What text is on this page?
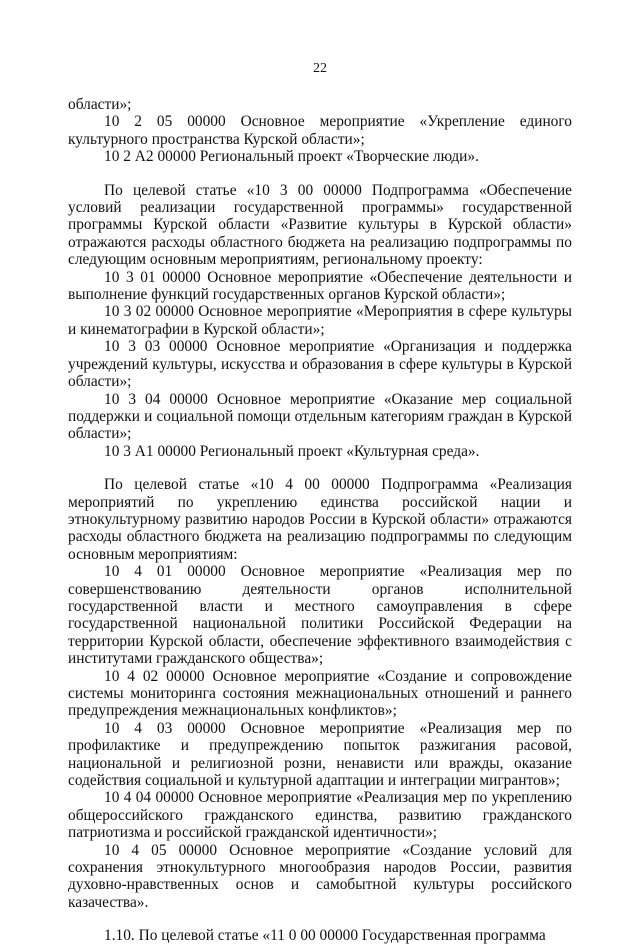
22

области»;

10 2 05 00000 Основное мероприятие «Укрепление единого культурного пространства Курской области»;

10 2 А2 00000 Региональный проект «Творческие люди».

По целевой статье «10 3 00 00000 Подпрограмма «Обеспечение условий реализации государственной программы» государственной программы Курской области «Развитие культуры в Курской области» отражаются расходы областного бюджета на реализацию подпрограммы по следующим основным мероприятиям, региональному проекту:

10 3 01 00000 Основное мероприятие «Обеспечение деятельности и выполнение функций государственных органов Курской области»;

10 3 02 00000 Основное мероприятие «Мероприятия в сфере культуры и кинематографии в Курской области»;

10 3 03 00000 Основное мероприятие «Организация и поддержка учреждений культуры, искусства и образования в сфере культуры в Курской области»;

10 3 04 00000 Основное мероприятие «Оказание мер социальной поддержки и социальной помощи отдельным категориям граждан в Курской области»;

10 3 А1 00000 Региональный проект «Культурная среда».

По целевой статье «10 4 00 00000 Подпрограмма «Реализация мероприятий по укреплению единства российской нации и этнокультурному развитию народов России в Курской области» отражаются расходы областного бюджета на реализацию подпрограммы по следующим основным мероприятиям:

10 4 01 00000 Основное мероприятие «Реализация мер по совершенствованию деятельности органов исполнительной государственной власти и местного самоуправления в сфере государственной национальной политики Российской Федерации на территории Курской области, обеспечение эффективного взаимодействия с институтами гражданского общества»;

10 4 02 00000 Основное мероприятие «Создание и сопровождение системы мониторинга состояния межнациональных отношений и раннего предупреждения межнациональных конфликтов»;

10 4 03 00000 Основное мероприятие «Реализация мер по профилактике и предупреждению попыток разжигания расовой, национальной и религиозной розни, ненависти или вражды, оказание содействия социальной и культурной адаптации и интеграции мигрантов»;

10 4 04 00000 Основное мероприятие «Реализация мер по укреплению общероссийского гражданского единства, развитию гражданского патриотизма и российской гражданской идентичности»;

10 4 05 00000 Основное мероприятие «Создание условий для сохранения этнокультурного многообразия народов России, развития духовно-нравственных основ и самобытной культуры российского казачества».

1.10. По целевой статье «11 0 00 00000 Государственная программа
